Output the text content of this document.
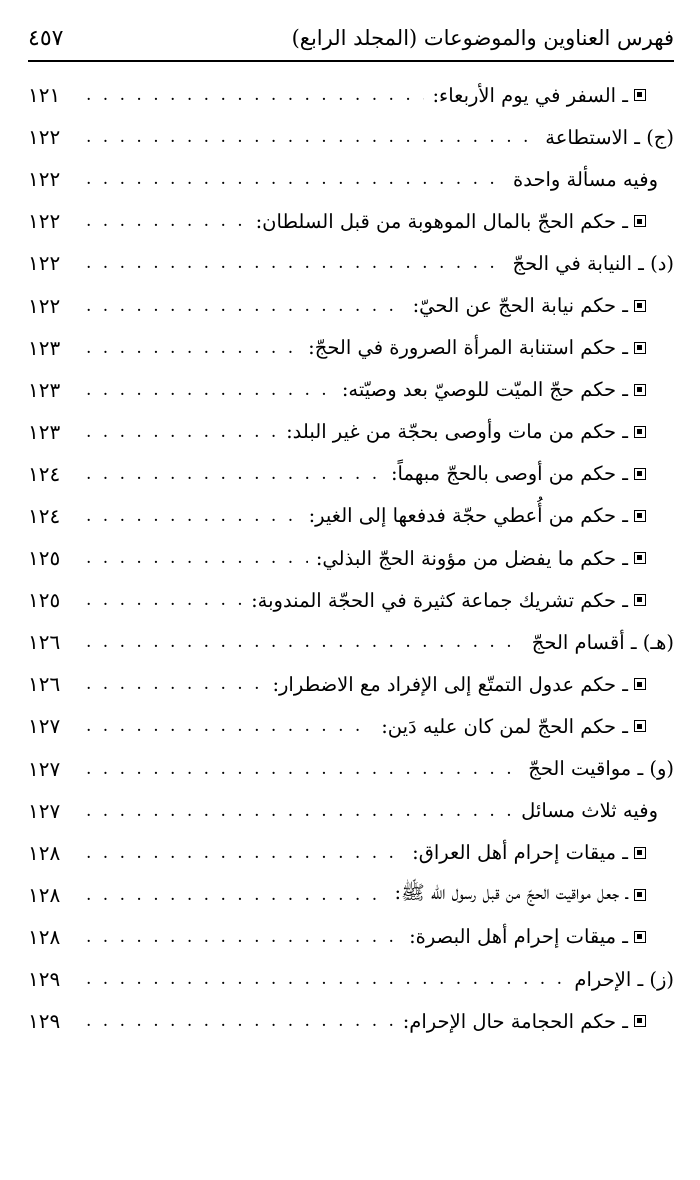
فهرس العناوين والموضوعات (المجلد الرابع)
٤٥٧
ـ السفر في يوم الأربعاء:
. . .
١٢١
(ج) ـ الاستطاعة
. . .
١٢٢
وفيه مسألة واحدة
. . .
١٢٢
ـ حكم الحجّ بالمال الموهوبة من قبل السلطان:
. . .
١٢٢
(د) ـ النيابة في الحجّ
. . .
١٢٢
ـ حكم نيابة الحجّ عن الحيّ:
. . .
١٢٢
ـ حكم استنابة المرأة الصرورة في الحجّ:
. . .
١٢٣
ـ حكم حجّ الميّت للوصيّ بعد وصيّته:
. . .
١٢٣
ـ حكم من مات وأوصى بحجّة من غير البلد:
. . .
١٢٣
ـ حكم من أوصى بالحجّ مبهماً:
. . .
١٢٤
ـ حكم من أُعطي حجّة فدفعها إلى الغير:
. . .
١٢٤
ـ حكم ما يفضل من مؤونة الحجّ البذلي:
. . .
١٢٥
ـ حكم تشريك جماعة كثيرة في الحجّة المندوبة:
. . .
١٢٥
(هـ) ـ أقسام الحجّ
. . .
١٢٦
ـ حكم عدول التمتّع إلى الإفراد مع الاضطرار:
. . .
١٢٦
ـ حكم الحجّ لمن كان عليه دَين:
. . .
١٢٧
(و) ـ مواقيت الحجّ
. . .
١٢٧
وفيه ثلاث مسائل
. . .
١٢٧
ـ ميقات إحرام أهل العراق:
. . .
١٢٨
ـ جعل مواقيت الحجّ من قبل رسول الله ﷺ:
. . .
١٢٨
ـ ميقات إحرام أهل البصرة:
. . .
١٢٨
(ز) ـ الإحرام
. . .
١٢٩
ـ حكم الحجامة حال الإحرام:
. . .
١٢٩
